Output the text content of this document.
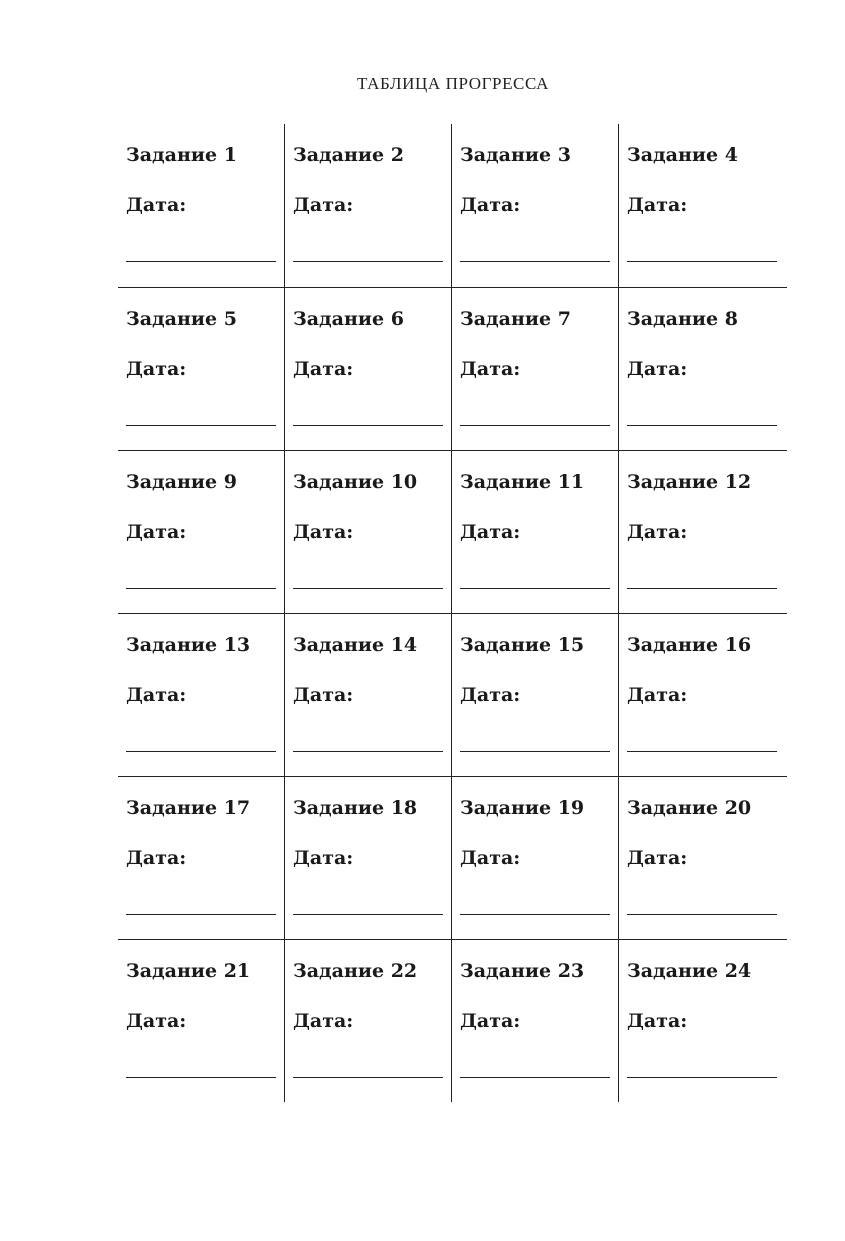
ТАБЛИЦА ПРОГРЕССА
Задание 1
Дата:
Задание 2
Дата:
Задание 3
Дата:
Задание 4
Дата:
Задание 5
Дата:
Задание 6
Дата:
Задание 7
Дата:
Задание 8
Дата:
Задание 9
Дата:
Задание 10
Дата:
Задание 11
Дата:
Задание 12
Дата:
Задание 13
Дата:
Задание 14
Дата:
Задание 15
Дата:
Задание 16
Дата:
Задание 17
Дата:
Задание 18
Дата:
Задание 19
Дата:
Задание 20
Дата:
Задание 21
Дата:
Задание 22
Дата:
Задание 23
Дата:
Задание 24
Дата:
